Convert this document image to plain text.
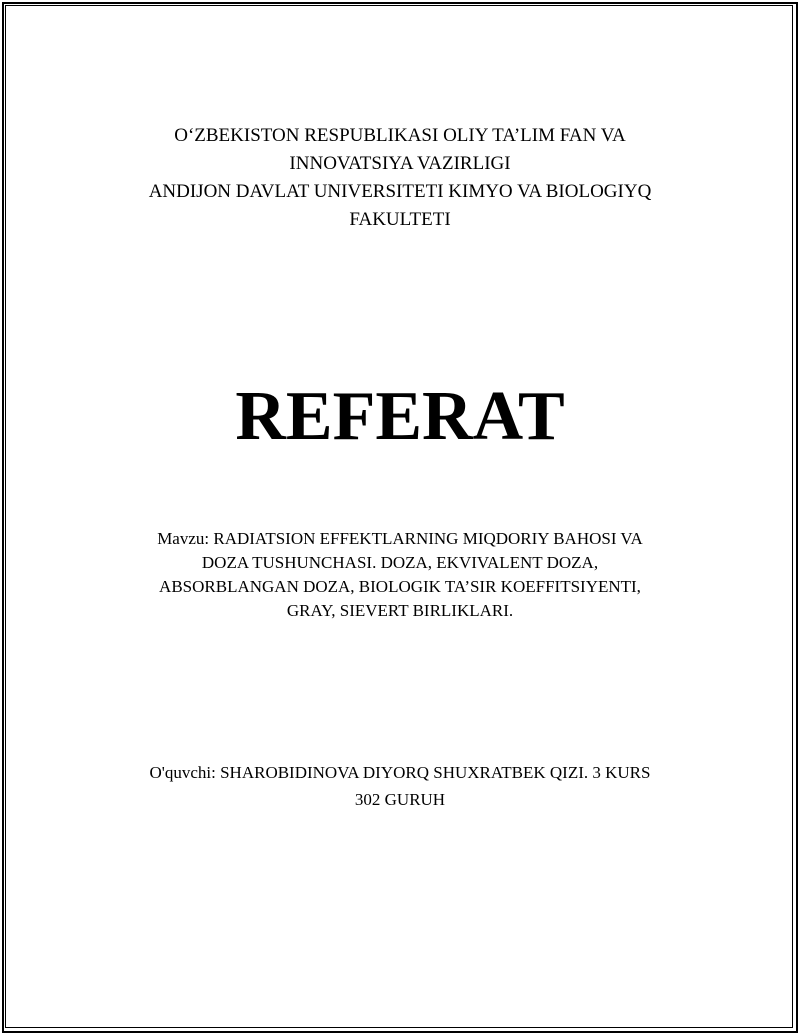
O‘ZBEKISTON RESPUBLIKASI OLIY TA’LIM FAN VA
INNOVATSIYA VAZIRLIGI
ANDIJON DAVLAT UNIVERSITETI KIMYO VA BIOLOGIYQ
FAKULTETI
REFERAT
Mavzu: RADIATSION EFFEKTLARNING MIQDORIY BAHOSI VA
DOZA TUSHUNCHASI. DOZA, EKVIVALENT DOZA,
ABSORBLANGAN DOZA, BIOLOGIK TA’SIR KOEFFITSIYENTI,
GRAY, SIEVERT BIRLIKLARI.
O'quvchi: SHAROBIDINOVA DIYORQ SHUXRATBEK QIZI. 3 KURS
302 GURUH
